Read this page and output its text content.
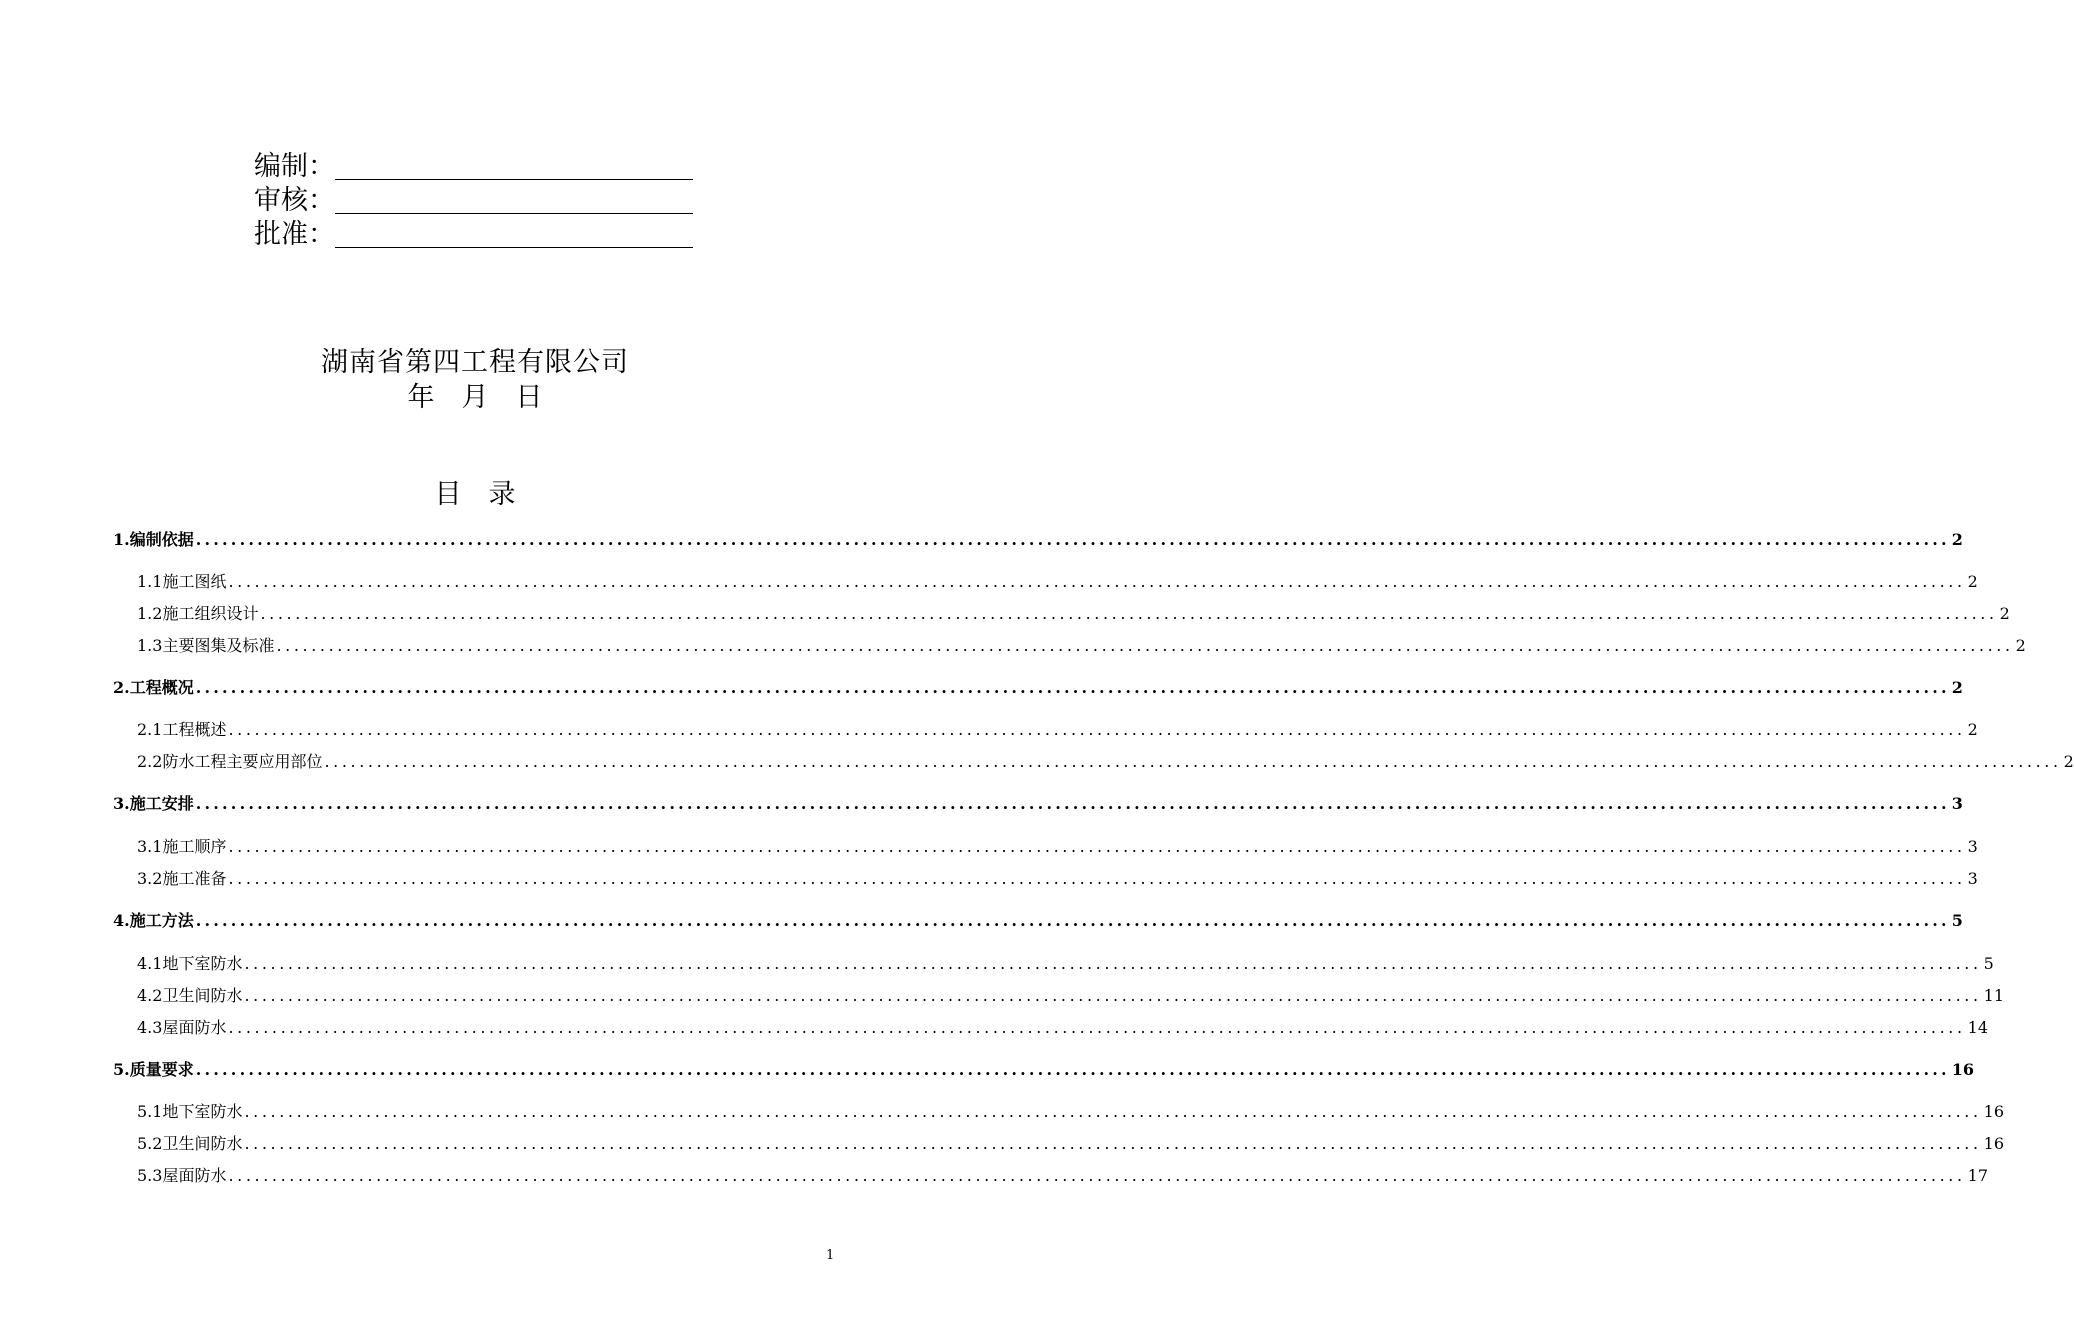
编制：
审核：
批准：
湖南省第四工程有限公司
年　月　日
目　录
1.编制依据 ........................................................................................................................................................................................................ 2
1.1施工图纸 ........................................................................................................................................................................................................ 2
1.2施工组织设计 ........................................................................................................................................................................................................ 2
1.3主要图集及标准 ........................................................................................................................................................................................................ 2
2.工程概况 ........................................................................................................................................................................................................ 2
2.1工程概述 ........................................................................................................................................................................................................ 2
2.2防水工程主要应用部位 ........................................................................................................................................................................................................ 2
3.施工安排 ........................................................................................................................................................................................................ 3
3.1施工顺序 ........................................................................................................................................................................................................ 3
3.2施工准备 ........................................................................................................................................................................................................ 3
4.施工方法 ........................................................................................................................................................................................................ 5
4.1地下室防水 ........................................................................................................................................................................................................ 5
4.2卫生间防水 ........................................................................................................................................................................................................ 11
4.3屋面防水 ........................................................................................................................................................................................................ 14
5.质量要求 ........................................................................................................................................................................................................ 16
5.1地下室防水 ........................................................................................................................................................................................................ 16
5.2卫生间防水 ........................................................................................................................................................................................................ 16
5.3屋面防水 ........................................................................................................................................................................................................ 17
1
